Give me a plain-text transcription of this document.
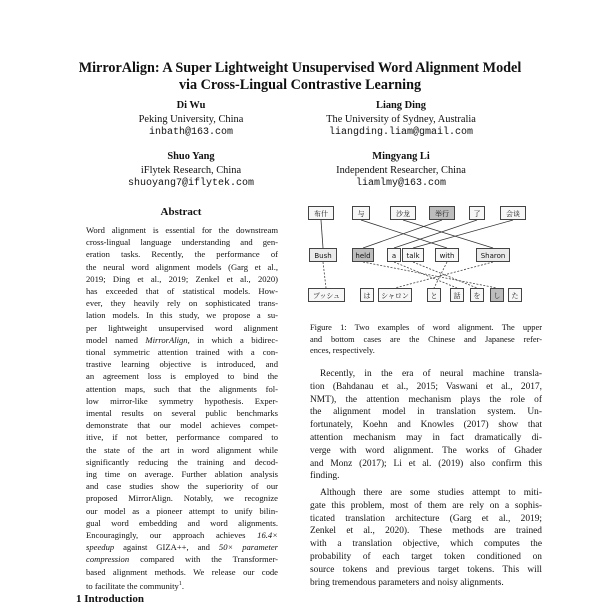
MirrorAlign: A Super Lightweight Unsupervised Word Alignment Model
via Cross-Lingual Contrastive Learning
Di Wu
Peking University, China
inbath@163.com
Liang Ding
The University of Sydney, Australia
liangding.liam@gmail.com
Shuo Yang
iFlytek Research, China
shuoyang7@iflytek.com
Mingyang Li
Independent Researcher, China
liamlmy@163.com
Abstract
Word alignment is essential for the downstream
cross-lingual language understanding and gen-
eration tasks. Recently, the performance of
the neural word alignment models (Garg et al.,
2019; Ding et al., 2019; Zenkel et al., 2020)
has exceeded that of statistical models. How-
ever, they heavily rely on sophisticated trans-
lation models. In this study, we propose a su-
per lightweight unsupervised word alignment
model named MirrorAlign, in which a bidirec-
tional symmetric attention trained with a con-
trastive learning objective is introduced, and
an agreement loss is employed to bind the
attention maps, such that the alignments fol-
low mirror-like symmetry hypothesis. Exper-
imental results on several public benchmarks
demonstrate that our model achieves compet-
itive, if not better, performance compared to
the state of the art in word alignment while
significantly reducing the training and decod-
ing time on average. Further ablation analysis
and case studies show the superiority of our
proposed MirrorAlign. Notably, we recognize
our model as a pioneer attempt to unify bilin-
gual word embedding and word alignments.
Encouragingly, our approach achieves 16.4×
speedup against GIZA++, and 50× parameter
compression compared with the Transformer-
based alignment methods. We release our code
to facilitate the community$^1$.
布什	与	沙龙	举行	了	会谈
Bush	held	a	talk	with	Sharon
ブッシュ	は	シャロン	と	話	を	し	た
Figure 1: Two examples of word alignment. The upper
and bottom cases are the Chinese and Japanese refer-
ences, respectively.
Recently, in the era of neural machine transla-
tion (Bahdanau et al., 2015; Vaswani et al., 2017,
NMT), the attention mechanism plays the role of
the alignment model in translation system. Un-
fortunately, Koehn and Knowles (2017) show that
attention mechanism may in fact dramatically di-
verge with word alignment. The works of Ghader
and Monz (2017); Li et al. (2019) also confirm this
finding.
Although there are some studies attempt to miti-
gate this problem, most of them are rely on a sophis-
ticated translation architecture (Garg et al., 2019;
Zenkel et al., 2020). These methods are trained
with a translation objective, which computes the
probability of each target token conditioned on
source tokens and previous target tokens. This will
bring tremendous parameters and noisy alignments.
1 Introduction
